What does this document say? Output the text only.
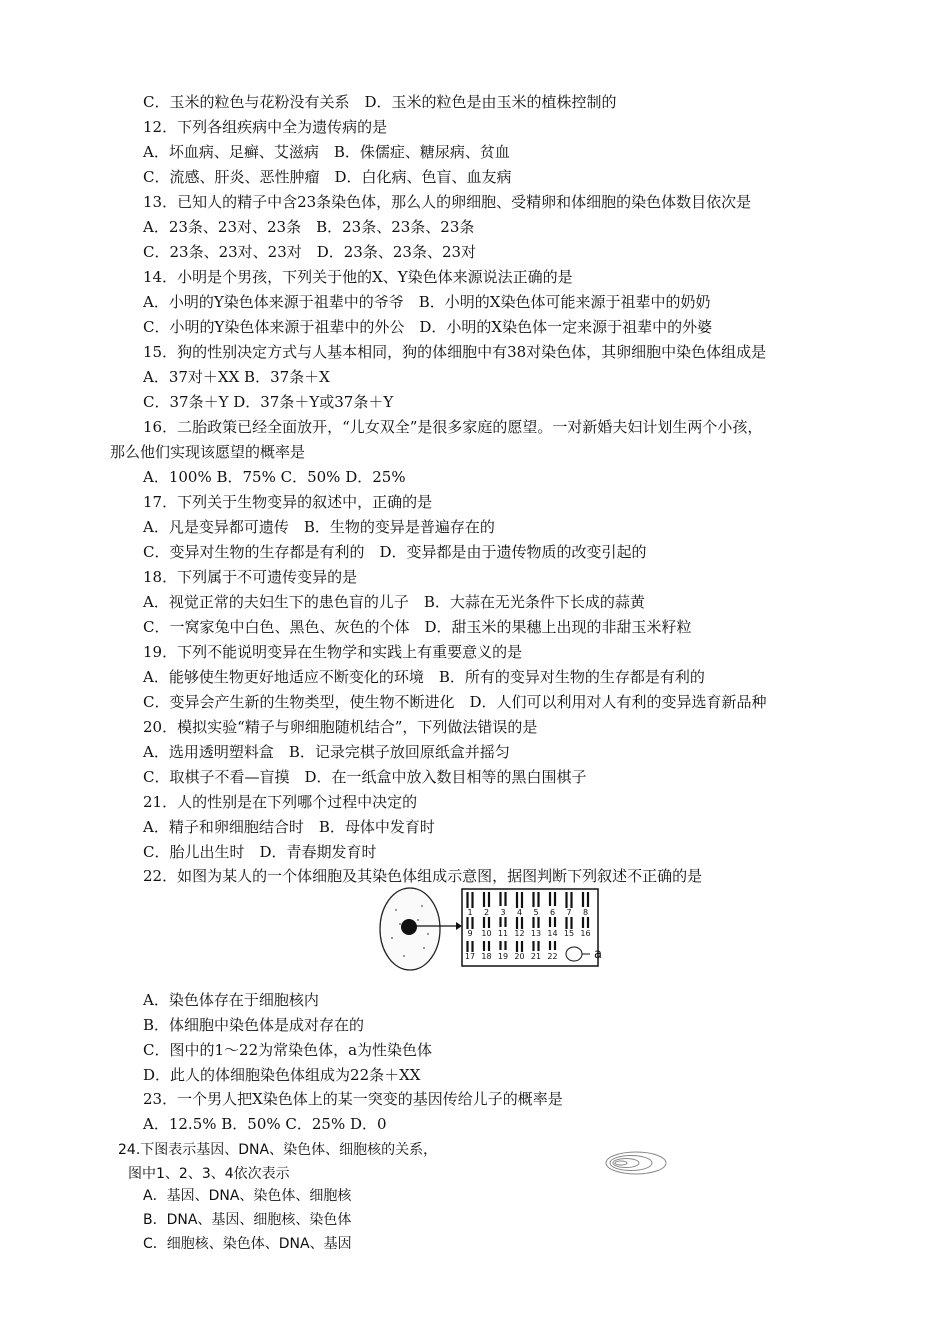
C．玉米的粒色与花粉没有关系　D．玉米的粒色是由玉米的植株控制的
12．下列各组疾病中全为遗传病的是
A．坏血病、足癣、艾滋病　B．侏儒症、糖尿病、贫血
C．流感、肝炎、恶性肿瘤　D．白化病、色盲、血友病
13．已知人的精子中含23条染色体，那么人的卵细胞、受精卵和体细胞的染色体数目依次是
A．23条、23对、23条　B．23条、23条、23条
C．23条、23对、23对　D．23条、23条、23对
14．小明是个男孩，下列关于他的X、Y染色体来源说法正确的是
A．小明的Y染色体来源于祖辈中的爷爷　B．小明的X染色体可能来源于祖辈中的奶奶
C．小明的Y染色体来源于祖辈中的外公　D．小明的X染色体一定来源于祖辈中的外婆
15．狗的性别决定方式与人基本相同，狗的体细胞中有38对染色体，其卵细胞中染色体组成是
A．37对＋XX B．37条＋X
C．37条＋Y D．37条＋Y或37条＋Y
16．二胎政策已经全面放开，“儿女双全”是很多家庭的愿望。一对新婚夫妇计划生两个小孩，
那么他们实现该愿望的概率是
A．100% B．75% C．50% D．25%
17．下列关于生物变异的叙述中，正确的是
A．凡是变异都可遗传　B．生物的变异是普遍存在的
C．变异对生物的生存都是有利的　D．变异都是由于遗传物质的改变引起的
18．下列属于不可遗传变异的是
A．视觉正常的夫妇生下的患色盲的儿子　B．大蒜在无光条件下长成的蒜黄
C．一窝家兔中白色、黑色、灰色的个体　D．甜玉米的果穗上出现的非甜玉米籽粒
19．下列不能说明变异在生物学和实践上有重要意义的是
A．能够使生物更好地适应不断变化的环境　B．所有的变异对生物的生存都是有利的
C．变异会产生新的生物类型，使生物不断进化　D．人们可以利用对人有利的变异选育新品种
20．模拟实验“精子与卵细胞随机结合”，下列做法错误的是
A．选用透明塑料盒　B．记录完棋子放回原纸盒并摇匀
C．取棋子不看—盲摸　D．在一纸盒中放入数目相等的黑白围棋子
21．人的性别是在下列哪个过程中决定的
A．精子和卵细胞结合时　B．母体中发育时
C．胎儿出生时　D．青春期发育时
22．如图为某人的一个体细胞及其染色体组成示意图，据图判断下列叙述不正确的是
1 2 3 4 5 6 7 8
9 10 11 12 13 14 15 16
17 18 19 20 21 22	a
A．染色体存在于细胞核内
B．体细胞中染色体是成对存在的
C．图中的1～22为常染色体，a为性染色体
D．此人的体细胞染色体组成为22条＋XX
23．一个男人把X染色体上的某一突变的基因传给儿子的概率是
A．12.5% B．50% C．25% D．0
24.下图表示基因、DNA、染色体、细胞核的关系，
图中1、2、3、4依次表示
A．基因、DNA、染色体、细胞核
B．DNA、基因、细胞核、染色体
C．细胞核、染色体、DNA、基因
